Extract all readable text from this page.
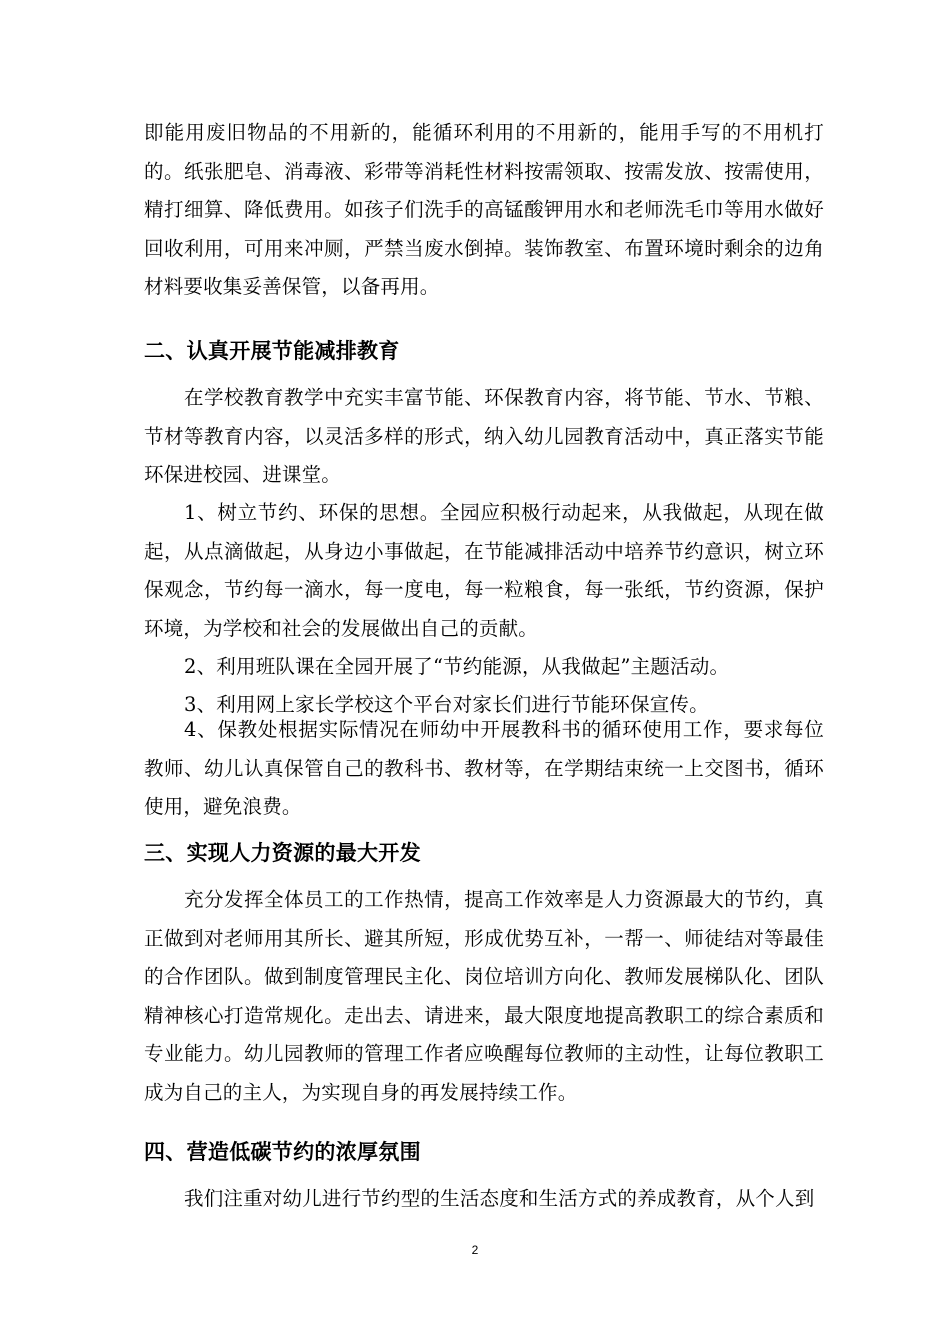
即能用废旧物品的不用新的，能循环利用的不用新的，能用手写的不用机打的。纸张肥皂、消毒液、彩带等消耗性材料按需领取、按需发放、按需使用，精打细算、降低费用。如孩子们洗手的高锰酸钾用水和老师洗毛巾等用水做好回收利用，可用来冲厕，严禁当废水倒掉。装饰教室、布置环境时剩余的边角材料要收集妥善保管，以备再用。

二、认真开展节能减排教育

在学校教育教学中充实丰富节能、环保教育内容，将节能、节水、节粮、节材等教育内容，以灵活多样的形式，纳入幼儿园教育活动中，真正落实节能环保进校园、进课堂。

1、树立节约、环保的思想。全园应积极行动起来，从我做起，从现在做起，从点滴做起，从身边小事做起，在节能减排活动中培养节约意识，树立环保观念，节约每一滴水，每一度电，每一粒粮食，每一张纸，节约资源，保护环境，为学校和社会的发展做出自己的贡献。

2、利用班队课在全园开展了“节约能源，从我做起”主题活动。

3、利用网上家长学校这个平台对家长们进行节能环保宣传。

4、保教处根据实际情况在师幼中开展教科书的循环使用工作，要求每位教师、幼儿认真保管自己的教科书、教材等，在学期结束统一上交图书，循环使用，避免浪费。

三、实现人力资源的最大开发

充分发挥全体员工的工作热情，提高工作效率是人力资源最大的节约，真正做到对老师用其所长、避其所短，形成优势互补，一帮一、师徒结对等最佳的合作团队。做到制度管理民主化、岗位培训方向化、教师发展梯队化、团队精神核心打造常规化。走出去、请进来，最大限度地提高教职工的综合素质和专业能力。幼儿园教师的管理工作者应唤醒每位教师的主动性，让每位教职工成为自己的主人，为实现自身的再发展持续工作。

四、营造低碳节约的浓厚氛围

我们注重对幼儿进行节约型的生活态度和生活方式的养成教育，从个人到

2
